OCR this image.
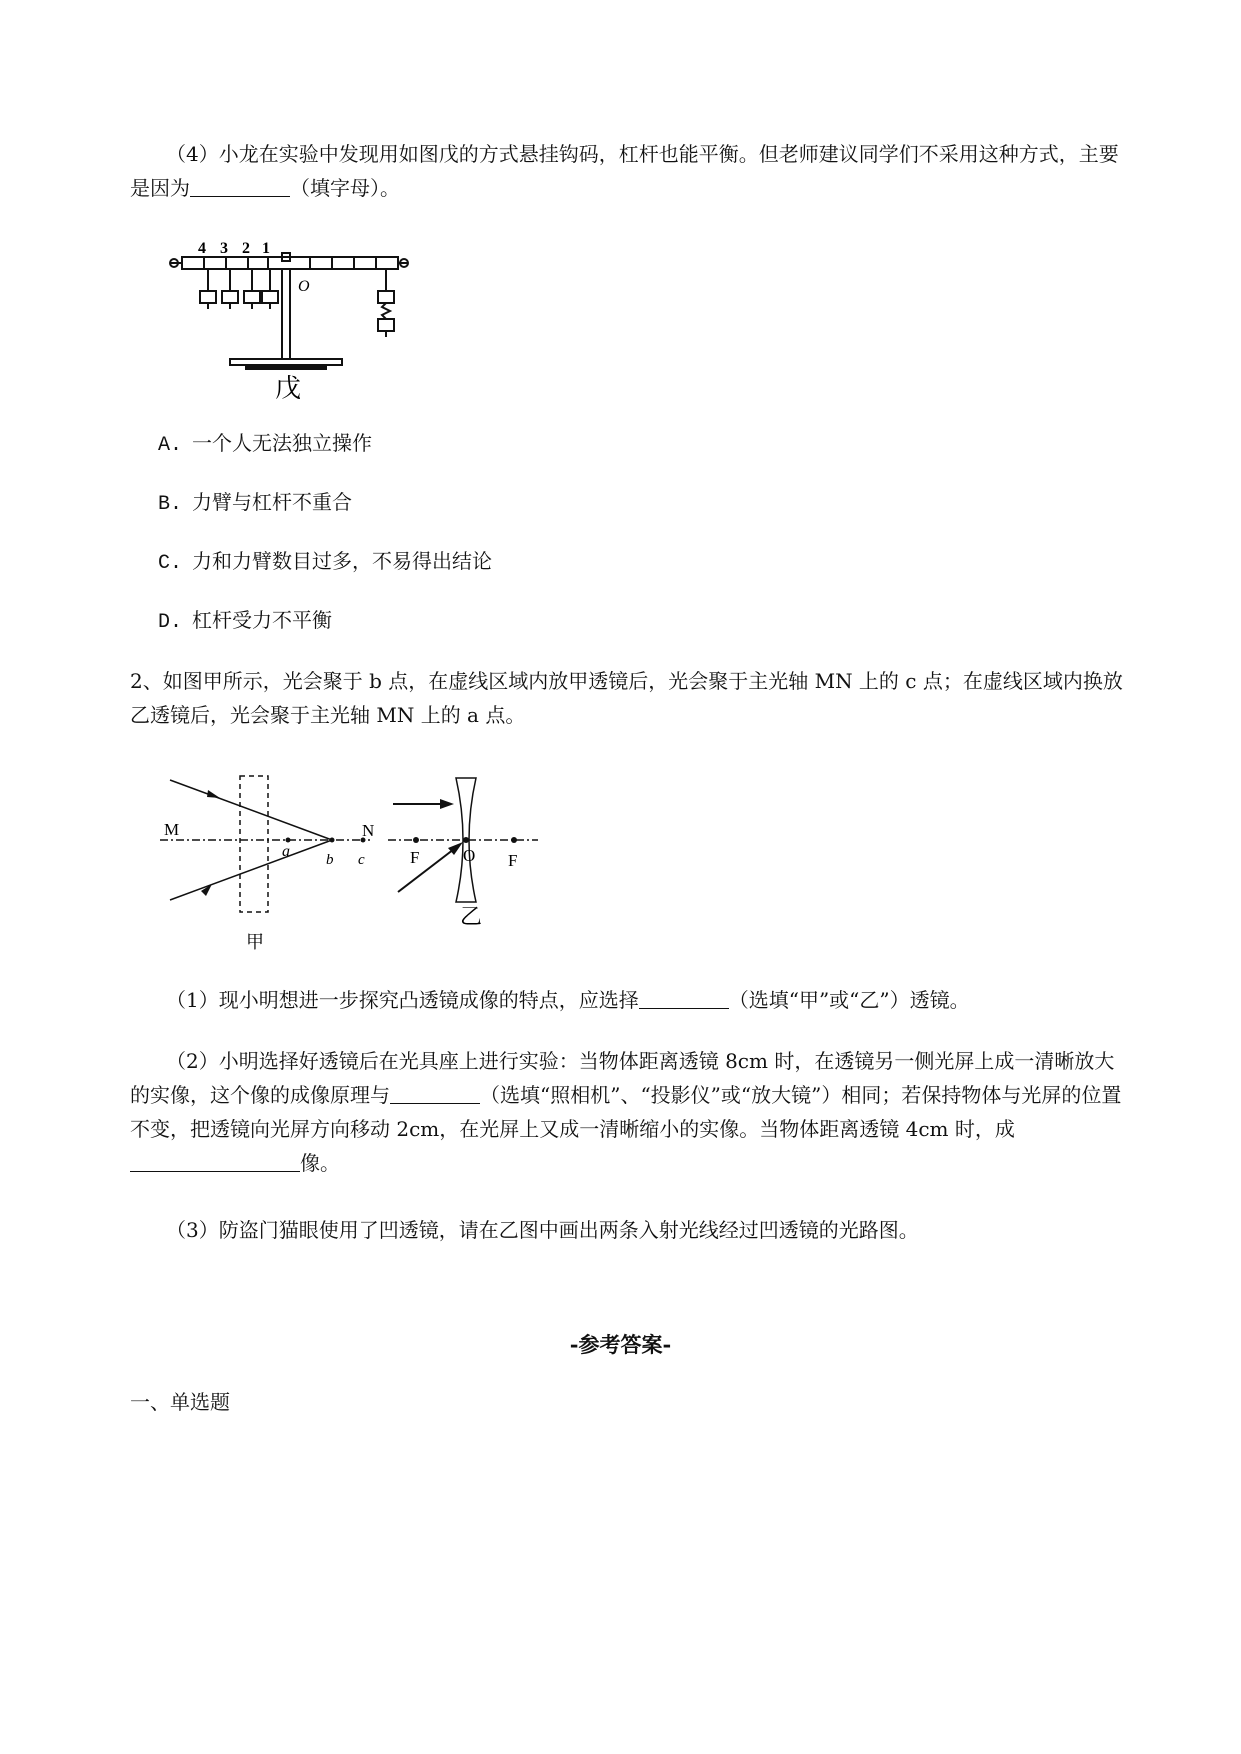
（4）小龙在实验中发现用如图戊的方式悬挂钩码，杠杆也能平衡。但老师建议同学们不采用这种方式，主要是因为	（填字母）。
4 3 2 1
O
戊
A. 一个人无法独立操作
B. 力臂与杠杆不重合
C. 力和力臂数目过多，不易得出结论
D. 杠杆受力不平衡
2、如图甲所示，光会聚于 b 点，在虚线区域内放甲透镜后，光会聚于主光轴 MN 上的 c 点；在虚线区域内换放乙透镜后，光会聚于主光轴 MN 上的 a 点。
M	N
a b c
甲
F	O F
乙
（1）现小明想进一步探究凸透镜成像的特点，应选择	（选填“甲”或“乙”）透镜。
（2）小明选择好透镜后在光具座上进行实验：当物体距离透镜 8cm 时，在透镜另一侧光屏上成一清晰放大的实像，这个像的成像原理与	（选填“照相机”、“投影仪”或“放大镜”）相同；若保持物体与光屏的位置不变，把透镜向光屏方向移动 2cm，在光屏上又成一清晰缩小的实像。当物体距离透镜 4cm 时，成像。
（3）防盗门猫眼使用了凹透镜，请在乙图中画出两条入射光线经过凹透镜的光路图。
-参考答案-
一、单选题
